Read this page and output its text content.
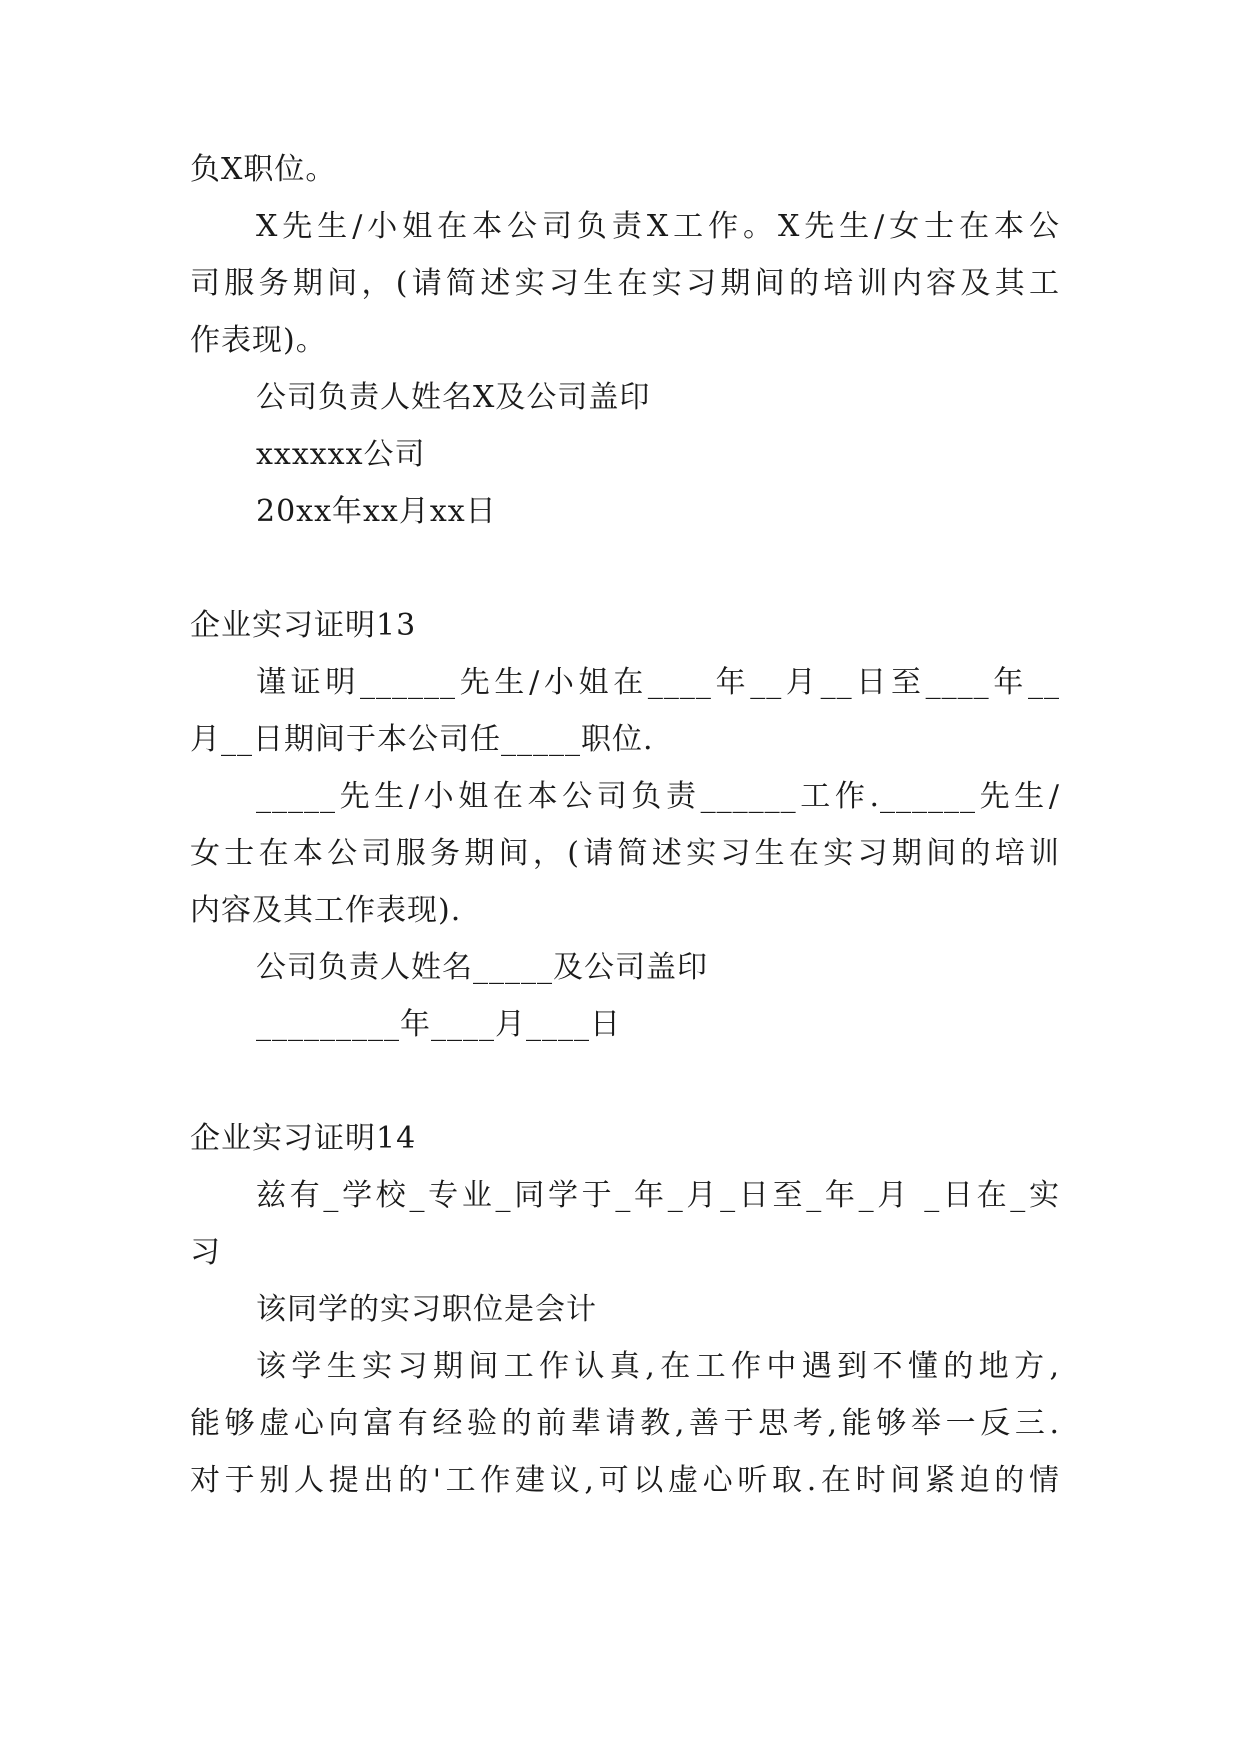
负X职位。
X先生/小姐在本公司负责X工作。X先生/女士在本公
司服务期间，(请简述实习生在实习期间的培训内容及其工
作表现)。
公司负责人姓名X及公司盖印
xxxxxx公司
20xx年xx月xx日
企业实习证明13
谨证明______先生/小姐在____年__月__日至____年__
月__日期间于本公司任_____职位.
_____先生/小姐在本公司负责______工作.______先生/
女士在本公司服务期间，(请简述实习生在实习期间的培训
内容及其工作表现).
公司负责人姓名_____及公司盖印
_________年____月____日
企业实习证明14
兹有_学校_专业_同学于_年_月_日至_年_月 _日在_实
习
该同学的实习职位是会计
该学生实习期间工作认真,在工作中遇到不懂的地方,
能够虚心向富有经验的前辈请教,善于思考,能够举一反三.
对于别人提出的'工作建议,可以虚心听取.在时间紧迫的情
